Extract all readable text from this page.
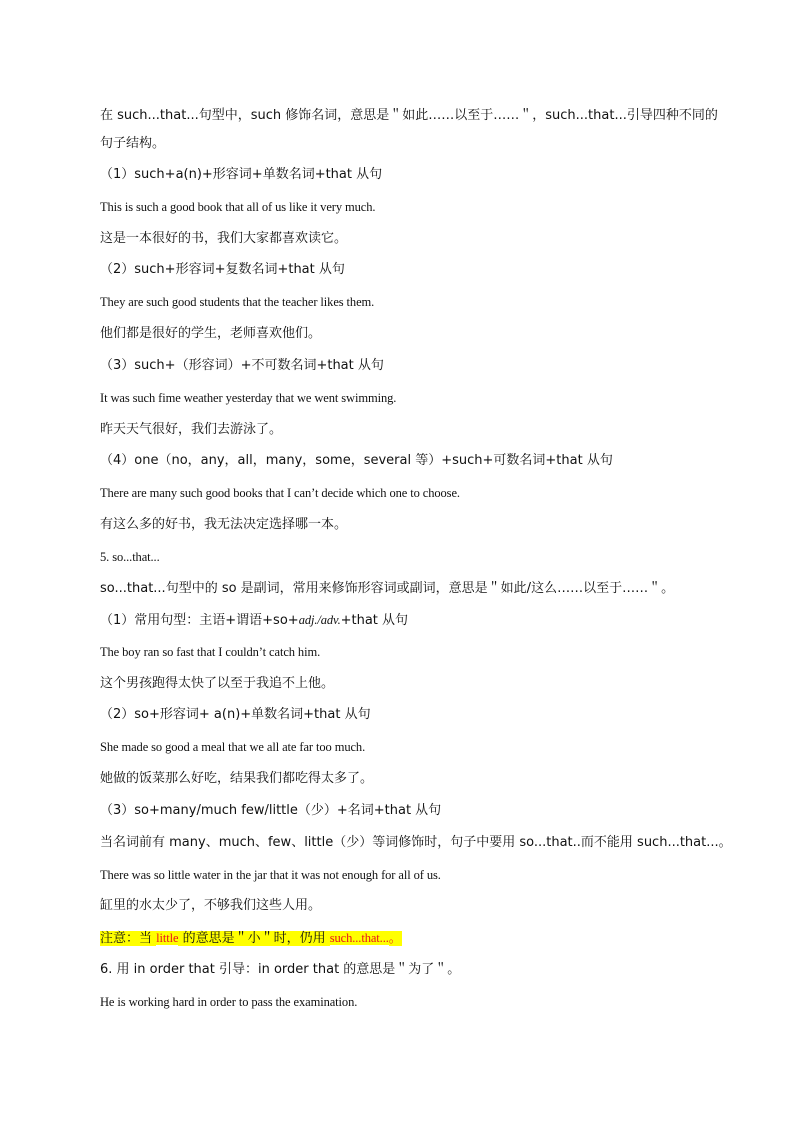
在 such...that...句型中，such 修饰名词，意思是＂如此……以至于……＂，such...that...引导四种不同的句子结构。
（1）such+a(n)+形容词+单数名词+that 从句
This is such a good book that all of us like it very much.
这是一本很好的书，我们大家都喜欢读它。
（2）such+形容词+复数名词+that 从句
They are such good students that the teacher likes them.
他们都是很好的学生，老师喜欢他们。
（3）such+（形容词）+不可数名词+that 从句
It was such fime weather yesterday that we went swimming.
昨天天气很好，我们去游泳了。
（4）one（no，any，all，many，some，several 等）+such+可数名词+that 从句
There are many such good books that I can’t decide which one to choose.
有这么多的好书，我无法决定选择哪一本。
5. so...that...
so...that...句型中的 so 是副词，常用来修饰形容词或副词，意思是＂如此/这么……以至于……＂。
（1）常用句型：主语+谓语+so+adj./adv.+that 从句
The boy ran so fast that I couldn’t catch him.
这个男孩跑得太快了以至于我追不上他。
（2）so+形容词+ a(n)+单数名词+that 从句
She made so good a meal that we all ate far too much.
她做的饭菜那么好吃，结果我们都吃得太多了。
（3）so+many/much few/little（少）+名词+that 从句
当名词前有 many、much、few、little（少）等词修饰时，句子中要用 so...that..而不能用 such...that...。
There was so little water in the jar that it was not enough for all of us.
缸里的水太少了，不够我们这些人用。
注意：当 little 的意思是＂小＂时，仍用 such...that...。
6. 用 in order that 引导：in order that 的意思是＂为了＂。
He is working hard in order to pass the examination.
